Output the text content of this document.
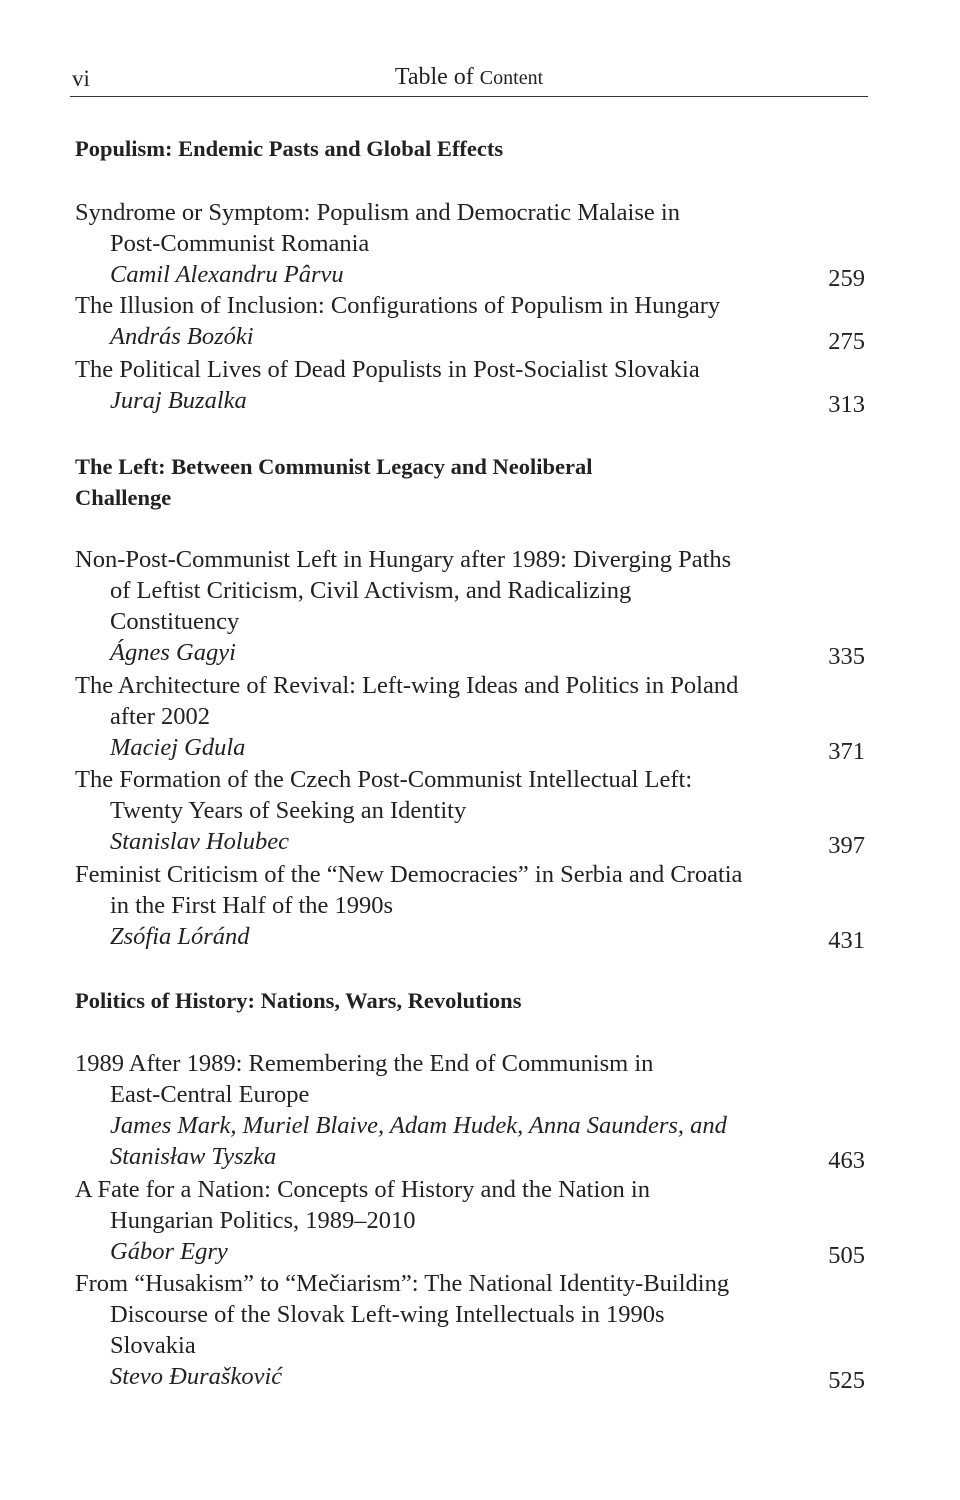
vi	Table of Content
Populism: Endemic Pasts and Global Effects
Syndrome or Symptom: Populism and Democratic Malaise in
Post-Communist Romania
Camil Alexandru Pârvu	259
The Illusion of Inclusion: Configurations of Populism in Hungary
András Bozóki	275
The Political Lives of Dead Populists in Post-Socialist Slovakia
Juraj Buzalka	313
The Left: Between Communist Legacy and Neoliberal
Challenge
Non-Post-Communist Left in Hungary after 1989: Diverging Paths
of Leftist Criticism, Civil Activism, and Radicalizing
Constituency
Ágnes Gagyi	335
The Architecture of Revival: Left-wing Ideas and Politics in Poland
after 2002
Maciej Gdula	371
The Formation of the Czech Post-Communist Intellectual Left:
Twenty Years of Seeking an Identity
Stanislav Holubec	397
Feminist Criticism of the “New Democracies” in Serbia and Croatia
in the First Half of the 1990s
Zsófia Lóránd	431
Politics of History: Nations, Wars, Revolutions
1989 After 1989: Remembering the End of Communism in
East-Central Europe
James Mark, Muriel Blaive, Adam Hudek, Anna Saunders, and
Stanisław Tyszka	463
A Fate for a Nation: Concepts of History and the Nation in
Hungarian Politics, 1989–2010
Gábor Egry	505
From “Husakism” to “Mečiarism”: The National Identity-Building
Discourse of the Slovak Left-wing Intellectuals in 1990s
Slovakia
Stevo Đurašković	525
